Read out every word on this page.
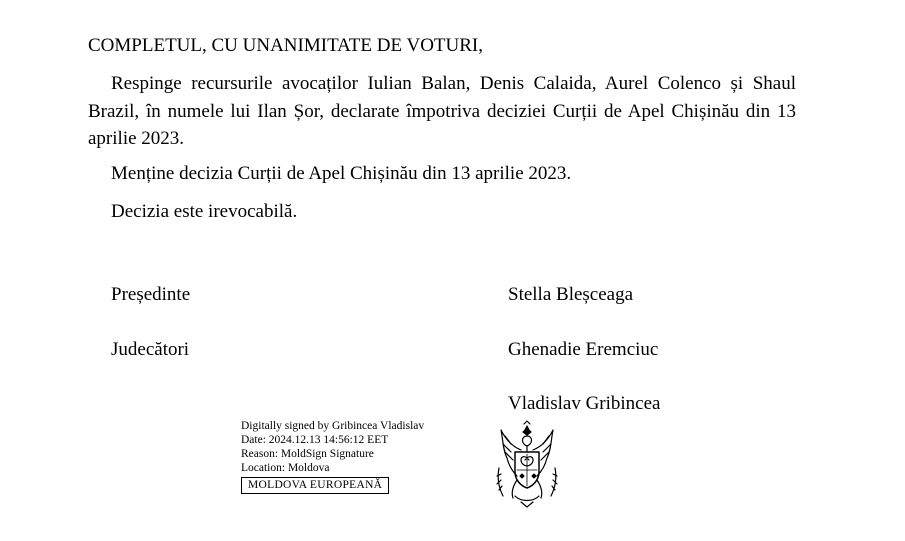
COMPLETUL, CU UNANIMITATE DE VOTURI,
Respinge recursurile avocaților Iulian Balan, Denis Calaida, Aurel Colenco și Shaul Brazil, în numele lui Ilan Șor, declarate împotriva deciziei Curții de Apel Chișinău din 13 aprilie 2023.
Menține decizia Curții de Apel Chișinău din 13 aprilie 2023.
Decizia este irevocabilă.
Președinte	Stella Bleșceaga
Judecători	Ghenadie Eremciuc
Vladislav Gribincea
Digitally signed by Gribincea Vladislav
Date: 2024.12.13 14:56:12 EET
Reason: MoldSign Signature
Location: Moldova
MOLDOVA EUROPEANĂ
